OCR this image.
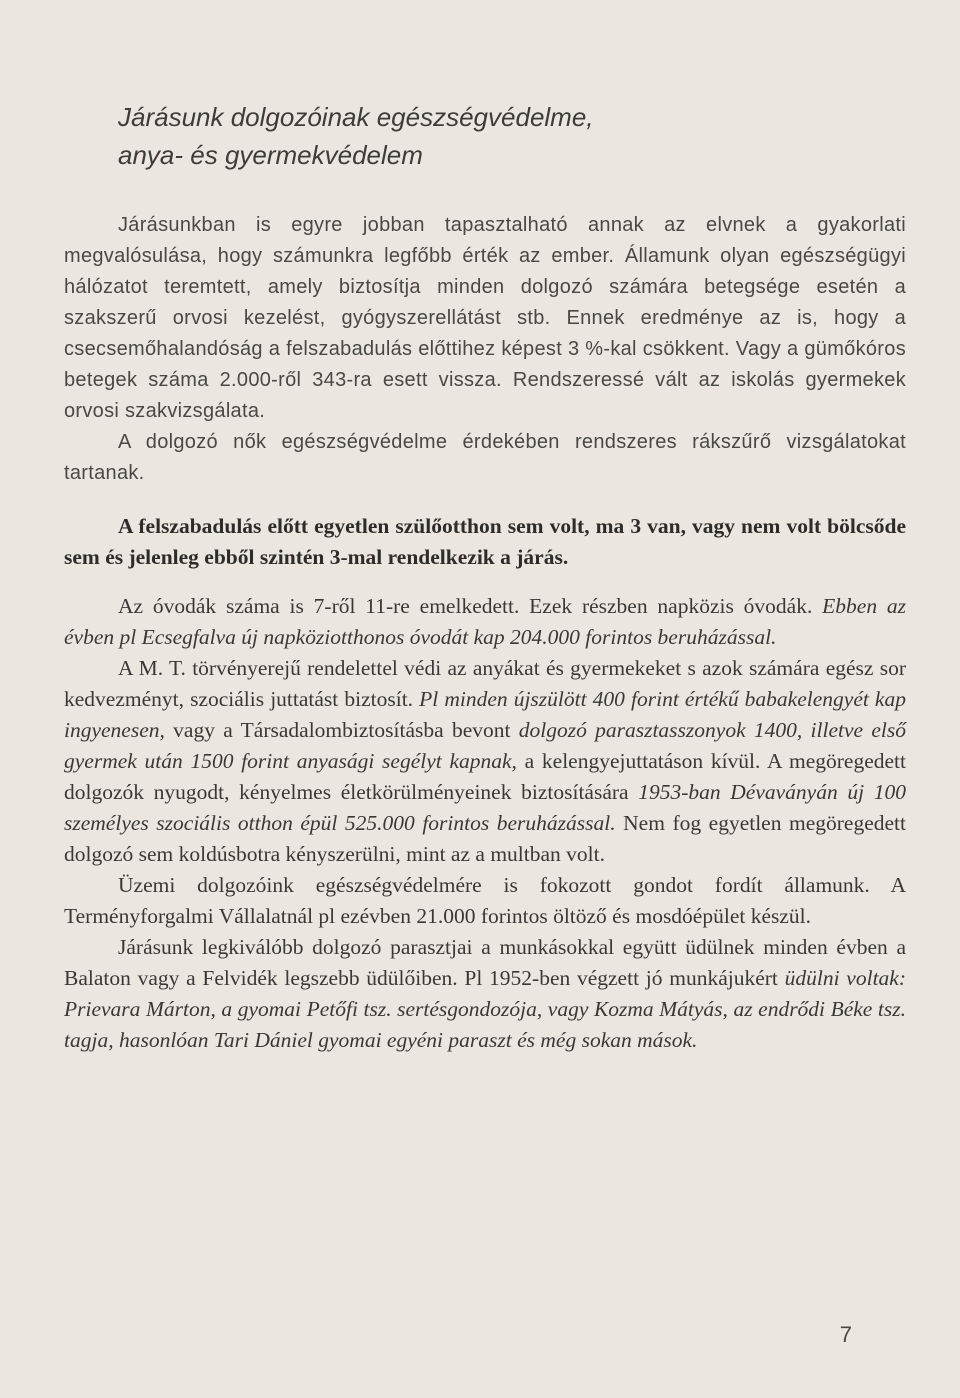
Járásunk dolgozóinak egészségvédelme,
anya- és gyermekvédelem

Járásunkban is egyre jobban tapasztalható annak az elvnek a gyakorlati megvalósulása, hogy számunkra legfőbb érték az ember. Államunk olyan egészségügyi hálózatot teremtett, amely biztosítja minden dolgozó számára betegsége esetén a szakszerű orvosi kezelést, gyógyszerellátást stb. Ennek eredménye az is, hogy a csecsemőhalandóság a felszabadulás előttihez képest 3 %-kal csökkent. Vagy a gümőkóros betegek száma 2.000-ről 343-ra esett vissza. Rendszeressé vált az iskolás gyermekek orvosi szakvizsgálata.

A dolgozó nők egészségvédelme érdekében rendszeres rákszűrő vizsgálatokat tartanak.

A felszabadulás előtt egyetlen szülőotthon sem volt, ma 3 van, vagy nem volt bölcsőde sem és jelenleg ebből szintén 3-mal rendelkezik a járás.

Az óvodák száma is 7-ről 11-re emelkedett. Ezek részben napközis óvodák. Ebben az évben pl Ecsegfalva új napköziotthonos óvodát kap 204.000 forintos beruházással.

A M. T. törvényerejű rendelettel védi az anyákat és gyermekeket s azok számára egész sor kedvezményt, szociális juttatást biztosít. Pl minden újszülött 400 forint értékű babakelengyét kap ingyenesen, vagy a Társadalombiztosításba bevont dolgozó parasztasszonyok 1400, illetve első gyermek után 1500 forint anyasági segélyt kapnak, a kelengyejuttatáson kívül. A megöregedett dolgozók nyugodt, kényelmes életkörülményeinek biztosítására 1953-ban Dévaványán új 100 személyes szociális otthon épül 525.000 forintos beruházással. Nem fog egyetlen megöregedett dolgozó sem koldúsbotra kényszerülni, mint az a multban volt.

Üzemi dolgozóink egészségvédelmére is fokozott gondot fordít államunk. A Terményforgalmi Vállalatnál pl ezévben 21.000 forintos öltöző és mosdóépület készül.

Járásunk legkiválóbb dolgozó parasztjai a munkásokkal együtt üdülnek minden évben a Balaton vagy a Felvidék legszebb üdülőiben. Pl 1952-ben végzett jó munkájukért üdülni voltak: Prievara Márton, a gyomai Petőfi tsz. sertésgondozója, vagy Kozma Mátyás, az endrődi Béke tsz. tagja, hasonlóan Tari Dániel gyomai egyéni paraszt és még sokan mások.

7
